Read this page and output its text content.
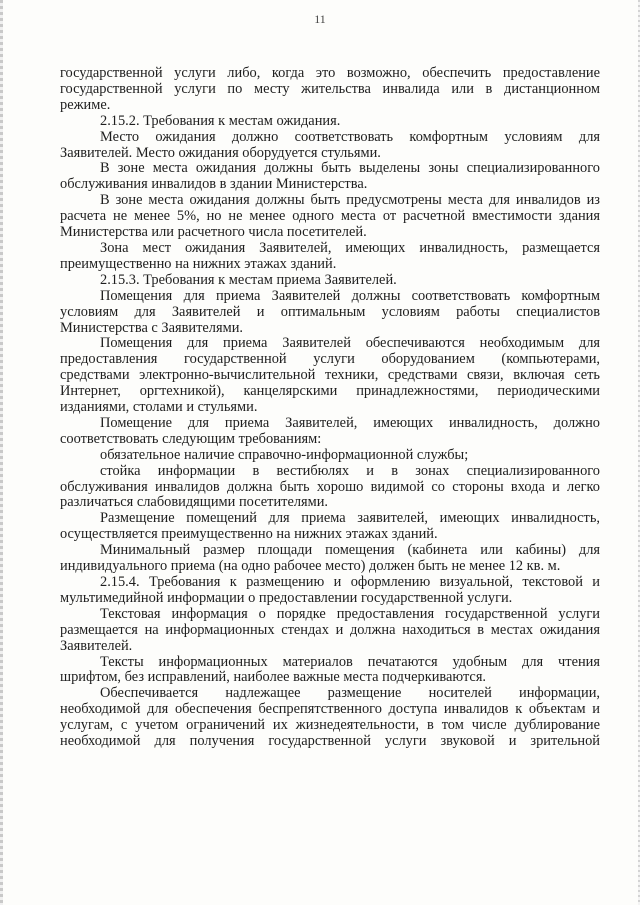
11
государственной услуги либо, когда это возможно, обеспечить предоставление
государственной услуги по месту жительства инвалида или в дистанционном
режиме.
2.15.2. Требования к местам ожидания.
Место ожидания должно соответствовать комфортным условиям для
Заявителей. Место ожидания оборудуется стульями.
В зоне места ожидания должны быть выделены зоны специализированного
обслуживания инвалидов в здании Министерства.
В зоне места ожидания должны быть предусмотрены места для инвалидов из
расчета не менее 5%, но не менее одного места от расчетной вместимости здания
Министерства или расчетного числа посетителей.
Зона мест ожидания Заявителей, имеющих инвалидность, размещается
преимущественно на нижних этажах зданий.
2.15.3. Требования к местам приема Заявителей.
Помещения для приема Заявителей должны соответствовать комфортным
условиям для Заявителей и оптимальным условиям работы специалистов
Министерства с Заявителями.
Помещения для приема Заявителей обеспечиваются необходимым для
предоставления государственной услуги оборудованием (компьютерами,
средствами электронно-вычислительной техники, средствами связи, включая сеть
Интернет, оргтехникой), канцелярскими принадлежностями, периодическими
изданиями, столами и стульями.
Помещение для приема Заявителей, имеющих инвалидность, должно
соответствовать следующим требованиям:
обязательное наличие справочно-информационной службы;
стойка информации в вестибюлях и в зонах специализированного
обслуживания инвалидов должна быть хорошо видимой со стороны входа и легко
различаться слабовидящими посетителями.
Размещение помещений для приема заявителей, имеющих инвалидность,
осуществляется преимущественно на нижних этажах зданий.
Минимальный размер площади помещения (кабинета или кабины) для
индивидуального приема (на одно рабочее место) должен быть не менее 12 кв. м.
2.15.4. Требования к размещению и оформлению визуальной, текстовой и
мультимедийной информации о предоставлении государственной услуги.
Текстовая информация о порядке предоставления государственной услуги
размещается на информационных стендах и должна находиться в местах ожидания
Заявителей.
Тексты информационных материалов печатаются удобным для чтения
шрифтом, без исправлений, наиболее важные места подчеркиваются.
Обеспечивается надлежащее размещение носителей информации,
необходимой для обеспечения беспрепятственного доступа инвалидов к объектам и
услугам, с учетом ограничений их жизнедеятельности, в том числе дублирование
необходимой для получения государственной услуги звуковой и зрительной
